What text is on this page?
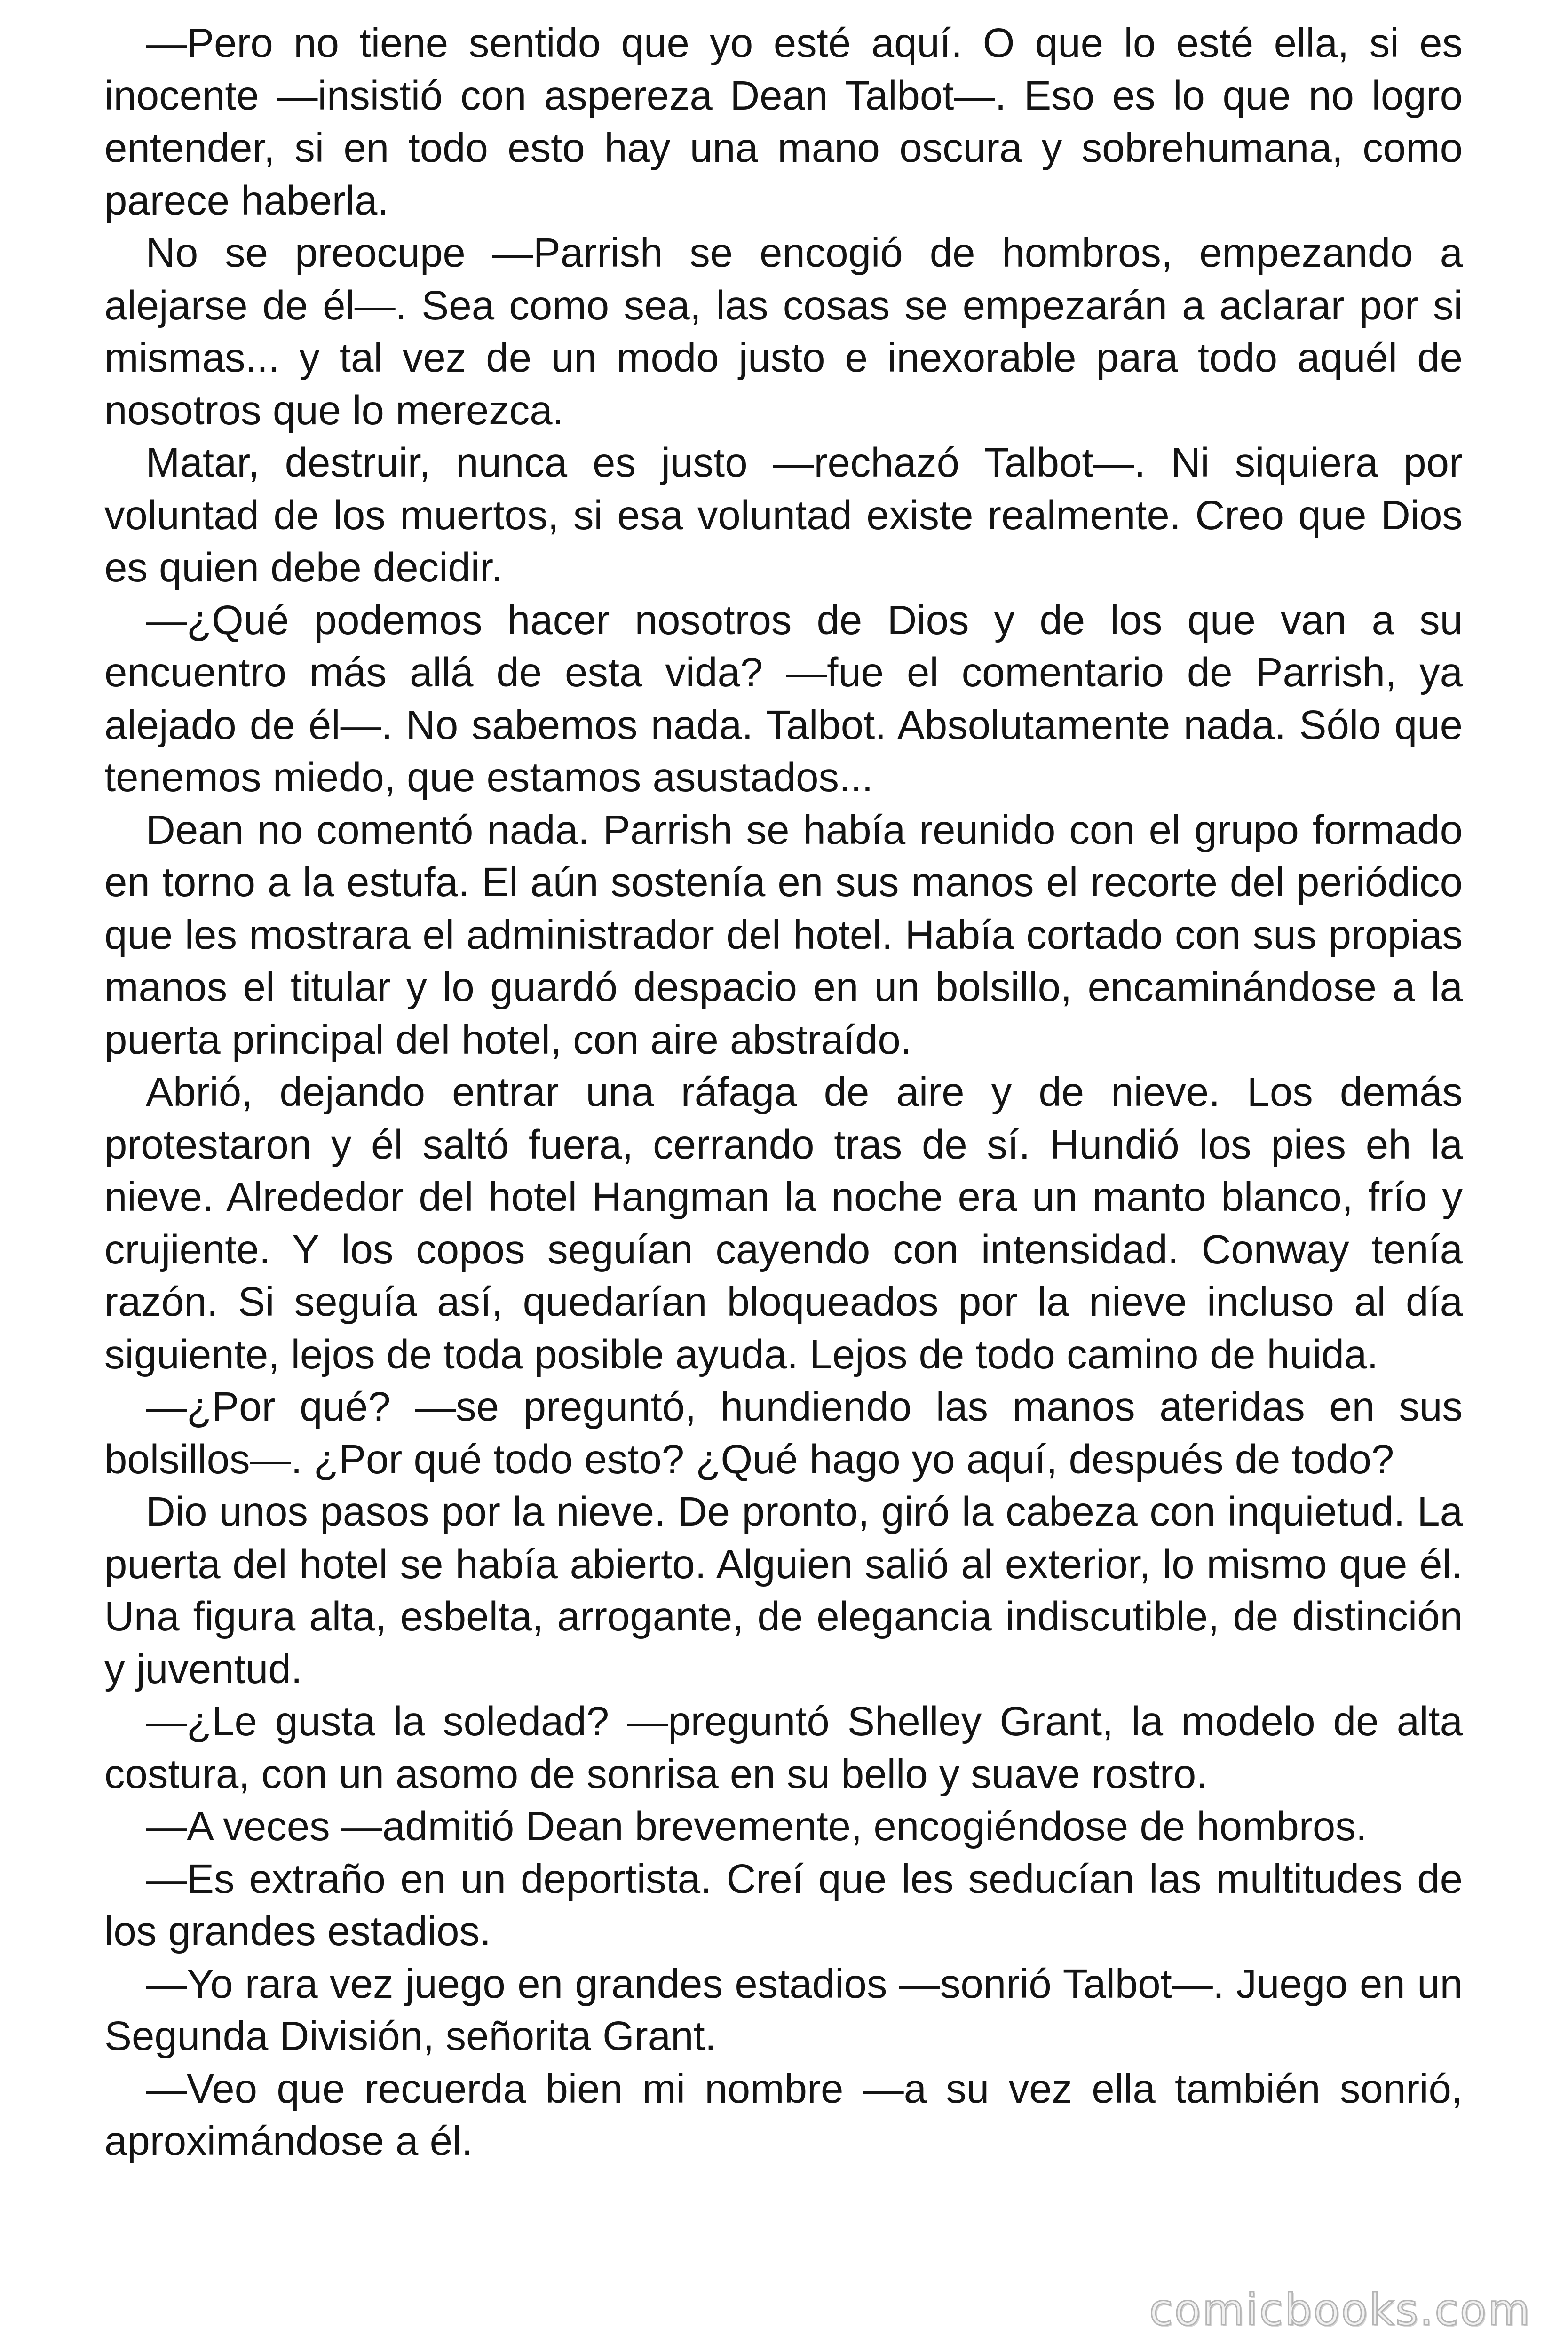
—Pero no tiene sentido que yo esté aquí. O que lo esté ella, si es inocente —insistió con aspereza Dean Talbot—. Eso es lo que no logro entender, si en todo esto hay una mano oscura y sobrehumana, como parece haberla.

No se preocupe —Parrish se encogió de hombros, empezando a alejarse de él—. Sea como sea, las cosas se empezarán a aclarar por si mismas... y tal vez de un modo justo e inexorable para todo aquél de nosotros que lo merezca.

Matar, destruir, nunca es justo —rechazó Talbot—. Ni siquiera por voluntad de los muertos, si esa voluntad existe realmente. Creo que Dios es quien debe decidir.

—¿Qué podemos hacer nosotros de Dios y de los que van a su encuentro más allá de esta vida? —fue el comentario de Parrish, ya alejado de él—. No sabemos nada. Talbot. Absolutamente nada. Sólo que tenemos miedo, que estamos asustados...

Dean no comentó nada. Parrish se había reunido con el grupo formado en torno a la estufa. El aún sostenía en sus manos el recorte del periódico que les mostrara el administrador del hotel. Había cortado con sus propias manos el titular y lo guardó despacio en un bolsillo, encaminándose a la puerta principal del hotel, con aire abstraído.

Abrió, dejando entrar una ráfaga de aire y de nieve. Los demás protestaron y él saltó fuera, cerrando tras de sí. Hundió los pies eh la nieve. Alrededor del hotel Hangman la noche era un manto blanco, frío y crujiente. Y los copos seguían cayendo con intensidad. Conway tenía razón. Si seguía así, quedarían bloqueados por la nieve incluso al día siguiente, lejos de toda posible ayuda. Lejos de todo camino de huida.

—¿Por qué? —se preguntó, hundiendo las manos ateridas en sus bolsillos—. ¿Por qué todo esto? ¿Qué hago yo aquí, después de todo?

Dio unos pasos por la nieve. De pronto, giró la cabeza con inquietud. La puerta del hotel se había abierto. Alguien salió al exterior, lo mismo que él. Una figura alta, esbelta, arrogante, de elegancia indiscutible, de distinción y juventud.

—¿Le gusta la soledad? —preguntó Shelley Grant, la modelo de alta costura, con un asomo de sonrisa en su bello y suave rostro.

—A veces —admitió Dean brevemente, encogiéndose de hombros.

—Es extraño en un deportista. Creí que les seducían las multitudes de los grandes estadios.

—Yo rara vez juego en grandes estadios —sonrió Talbot—. Juego en un Segunda División, señorita Grant.

—Veo que recuerda bien mi nombre —a su vez ella también sonrió, aproximándose a él.

comicbooks.com
